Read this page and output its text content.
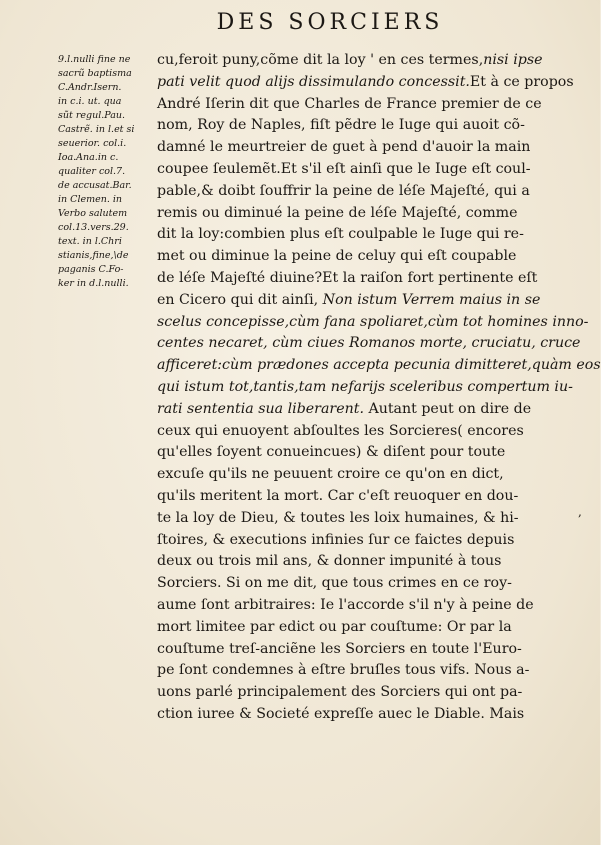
DES SORCIERS
9.l.nulli fine ne
sacrũ baptisma
C.Andr.Isern.
in c.i. ut. qua
sũt regul.Pau.
Castrẽ. in l.et si
seuerior. col.i.
Ioa.Ana.in c.
qualiter col.7.
de accusat.Bar.
in Clemen. in
Verbo salutem
col.13.vers.29.
text. in l.Chri
stianis,fine,\de
paganis C.Fo-
ker in d.l.nulli.
cu,feroit puny,cõme dit la loy ' en ces termes,nisi ipse
pati velit quod alijs dissimulando concessit.Et à ce propos
André Iſerin dit que Charles de France premier de ce
nom, Roy de Naples, fiſt pẽdre le Iuge qui auoit cõ-
damné le meurtreier de guet à pend d'auoir la main
coupee ſeulemẽt.Et s'il eſt ainſi que le Iuge eſt coul-
pable,& doibt ſouffrir la peine de léſe Majeſté, qui a
remis ou diminué la peine de léſe Majeſté, comme
dit la loy:combien plus eſt coulpable le Iuge qui re-
met ou diminue la peine de celuy qui eſt coupable
de léſe Majeſté diuine?Et la raiſon fort pertinente eſt
en Cicero qui dit ainſi, Non istum Verrem maius in se
scelus concepisse,cùm fana spoliaret,cùm tot homines inno-
centes necaret, cùm ciues Romanos morte, cruciatu, cruce
afficeret:cùm prædones accepta pecunia dimitteret,quàm eos
qui istum tot,tantis,tam nefarijs sceleribus compertum iu-
rati sententia sua liberarent. Autant peut on dire de
ceux qui enuoyent abſoultes les Sorcieres( encores
qu'elles ſoyent conueincues) & diſent pour toute
excuſe qu'ils ne peuuent croire ce qu'on en dict,
qu'ils meritent la mort. Car c'eſt reuoquer en dou-
te la loy de Dieu, & toutes les loix humaines, & hi-
ſtoires, & executions infinies ſur ce faictes depuis
deux ou trois mil ans, & donner impunité à tous
Sorciers. Si on me dit, que tous crimes en ce roy-
aume ſont arbitraires: Ie l'accorde s'il n'y à peine de
mort limitee par edict ou par couſtume: Or par la
couſtume treſ-anciẽne les Sorciers en toute l'Euro-
pe ſont condemnes à eſtre bruſles tous vifs. Nous a-
uons parlé principalement des Sorciers qui ont pa-
ction iuree & Societé expreſſe auec le Diable. Mais
,
